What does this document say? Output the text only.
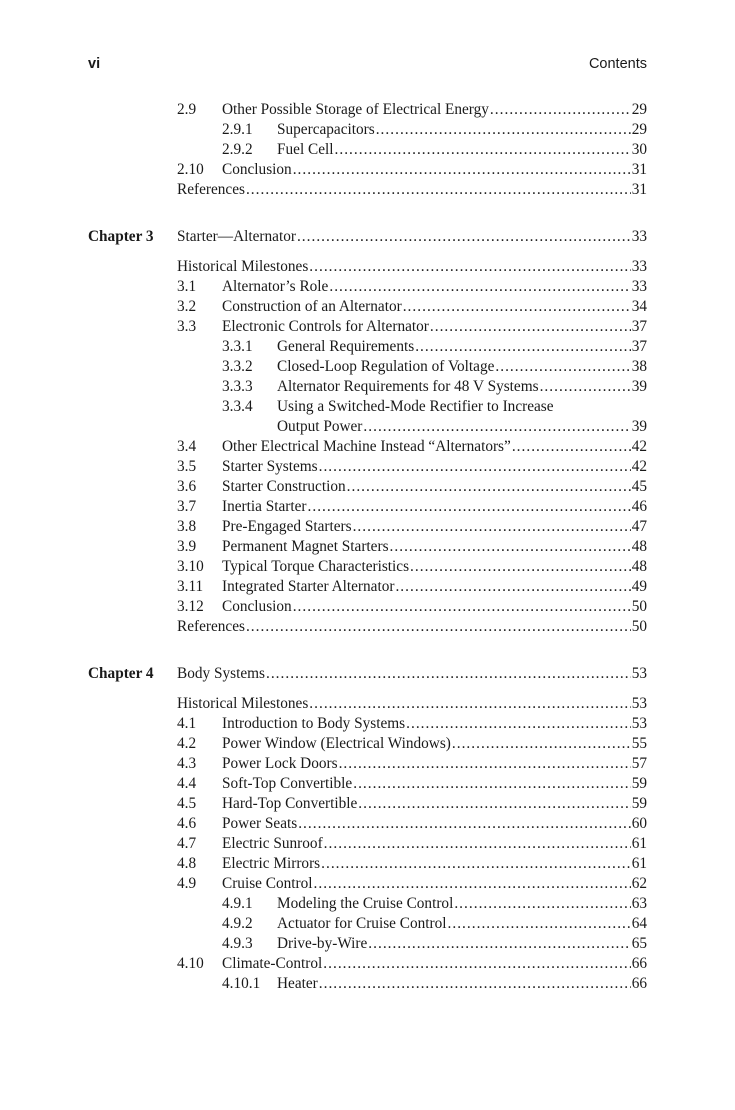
vi	Contents
2.9 Other Possible Storage of Electrical Energy . . .	29
2.9.1 Supercapacitors . . .	29
2.9.2 Fuel Cell . . .	30
2.10 Conclusion . . .	31
References . . .	31
Chapter 3 Starter—Alternator . . .	33
Historical Milestones . . .	33
3.1 Alternator’s Role . . .	33
3.2 Construction of an Alternator . . .	34
3.3 Electronic Controls for Alternator . . .	37
3.3.1 General Requirements . . .	37
3.3.2 Closed-Loop Regulation of Voltage . . .	38
3.3.3 Alternator Requirements for 48 V Systems . . .	39
3.3.4 Using a Switched-Mode Rectifier to Increase
Output Power . . .	39
3.4 Other Electrical Machine Instead “Alternators” . . .	42
3.5 Starter Systems . . .	42
3.6 Starter Construction . . .	45
3.7 Inertia Starter . . .	46
3.8 Pre-Engaged Starters . . .	47
3.9 Permanent Magnet Starters . . .	48
3.10 Typical Torque Characteristics . . .	48
3.11 Integrated Starter Alternator . . .	49
3.12 Conclusion . . .	50
References . . .	50
Chapter 4 Body Systems . . .	53
Historical Milestones . . .	53
4.1 Introduction to Body Systems . . .	53
4.2 Power Window (Electrical Windows) . . .	55
4.3 Power Lock Doors . . .	57
4.4 Soft-Top Convertible . . .	59
4.5 Hard-Top Convertible . . .	59
4.6 Power Seats . . .	60
4.7 Electric Sunroof . . .	61
4.8 Electric Mirrors . . .	61
4.9 Cruise Control . . .	62
4.9.1 Modeling the Cruise Control . . .	63
4.9.2 Actuator for Cruise Control . . .	64
4.9.3 Drive-by-Wire . . .	65
4.10 Climate-Control . . .	66
4.10.1 Heater . . .	66
